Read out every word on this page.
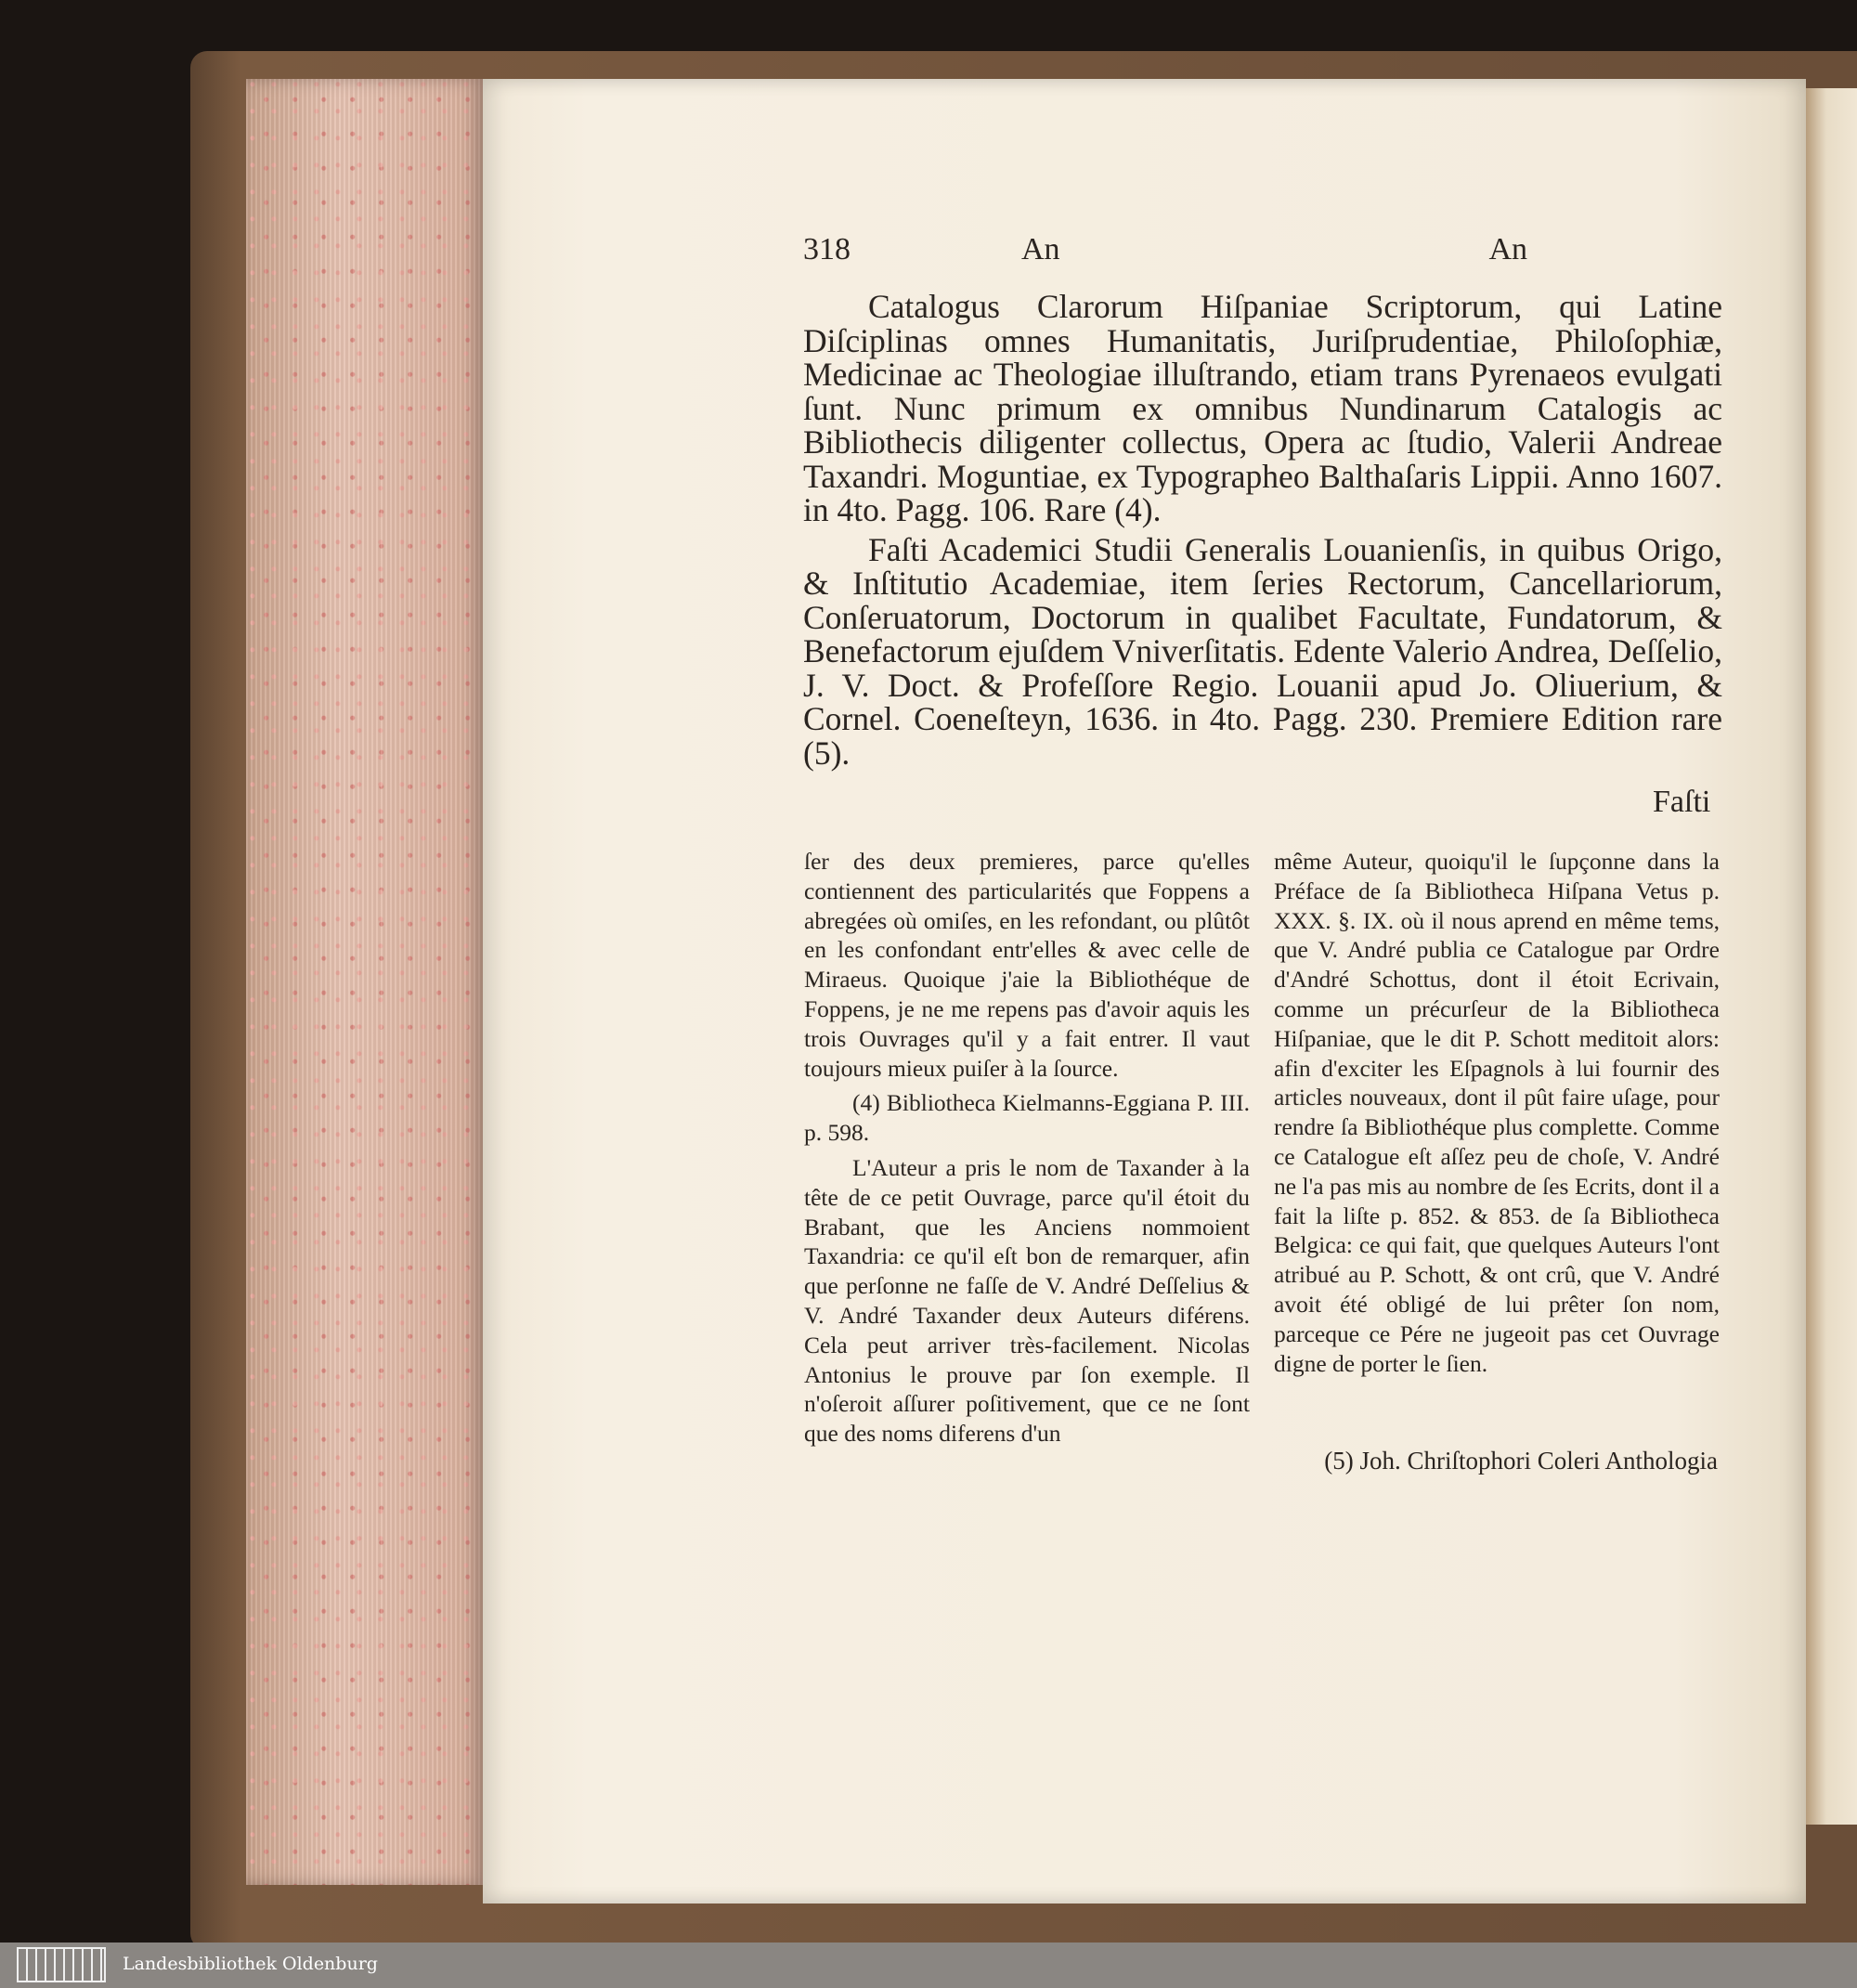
318	An	An

Catalogus Clarorum Hiſpaniae Scriptorum, qui Latine Diſciplinas omnes Humanitatis, Juriſprudentiae, Philoſophiæ, Medicinae ac Theologiae illuſtrando, etiam trans Pyrenaeos evulgati ſunt. Nunc primum ex omnibus Nundinarum Catalogis ac Bibliothecis diligenter collectus, Opera ac ſtudio, Valerii Andreae Taxandri. Moguntiae, ex Typographeo Balthaſaris Lippii. Anno 1607. in 4to. Pagg. 106. Rare (4).

Faſti Academici Studii Generalis Louanienſis, in quibus Origo, & Inſtitutio Academiae, item ſeries Rectorum, Cancellariorum, Conſeruatorum, Doctorum in qualibet Facultate, Fundatorum, & Benefactorum ejuſdem Vniverſitatis. Edente Valerio Andrea, Deſſelio, J. V. Doct. & Profeſſore Regio. Louanii apud Jo. Oliuerium, & Cornel. Coeneſteyn, 1636. in 4to. Pagg. 230. Premiere Edition rare (5).

Faſti

ſer des deux premieres, parce qu'elles contiennent des particularités que Foppens a abregées où omiſes, en les refondant, ou plûtôt en les confondant entr'elles & avec celle de Miraeus. Quoique j'aie la Bibliothéque de Foppens, je ne me repens pas d'avoir aquis les trois Ouvrages qu'il y a fait entrer. Il vaut toujours mieux puiſer à la ſource.

(4) Bibliotheca Kielmanns-Eggiana P. III. p. 598.

L'Auteur a pris le nom de Taxander à la tête de ce petit Ouvrage, parce qu'il étoit du Brabant, que les Anciens nommoient Taxandria: ce qu'il eſt bon de remarquer, afin que perſonne ne faſſe de V. André Deſſelius & V. André Taxander deux Auteurs diférens. Cela peut arriver très-facilement. Nicolas Antonius le prouve par ſon exemple. Il n'oſeroit aſſurer poſitivement, que ce ne ſont que des noms diferens d'un

même Auteur, quoiqu'il le ſupçonne dans la Préface de ſa Bibliotheca Hiſpana Vetus p. XXX. §. IX. où il nous aprend en même tems, que V. André publia ce Catalogue par Ordre d'André Schottus, dont il étoit Ecrivain, comme un précurſeur de la Bibliotheca Hiſpaniae, que le dit P. Schott meditoit alors: afin d'exciter les Eſpagnols à lui fournir des articles nouveaux, dont il pût faire uſage, pour rendre ſa Bibliothéque plus complette. Comme ce Catalogue eſt aſſez peu de choſe, V. André ne l'a pas mis au nombre de ſes Ecrits, dont il a fait la liſte p. 852. & 853. de ſa Bibliotheca Belgica: ce qui fait, que quelques Auteurs l'ont atribué au P. Schott, & ont crû, que V. André avoit été obligé de lui prêter ſon nom, parceque ce Pére ne jugeoit pas cet Ouvrage digne de porter le ſien.

(5) Joh. Chriſtophori Coleri Anthologia
Landesbibliothek Oldenburg
